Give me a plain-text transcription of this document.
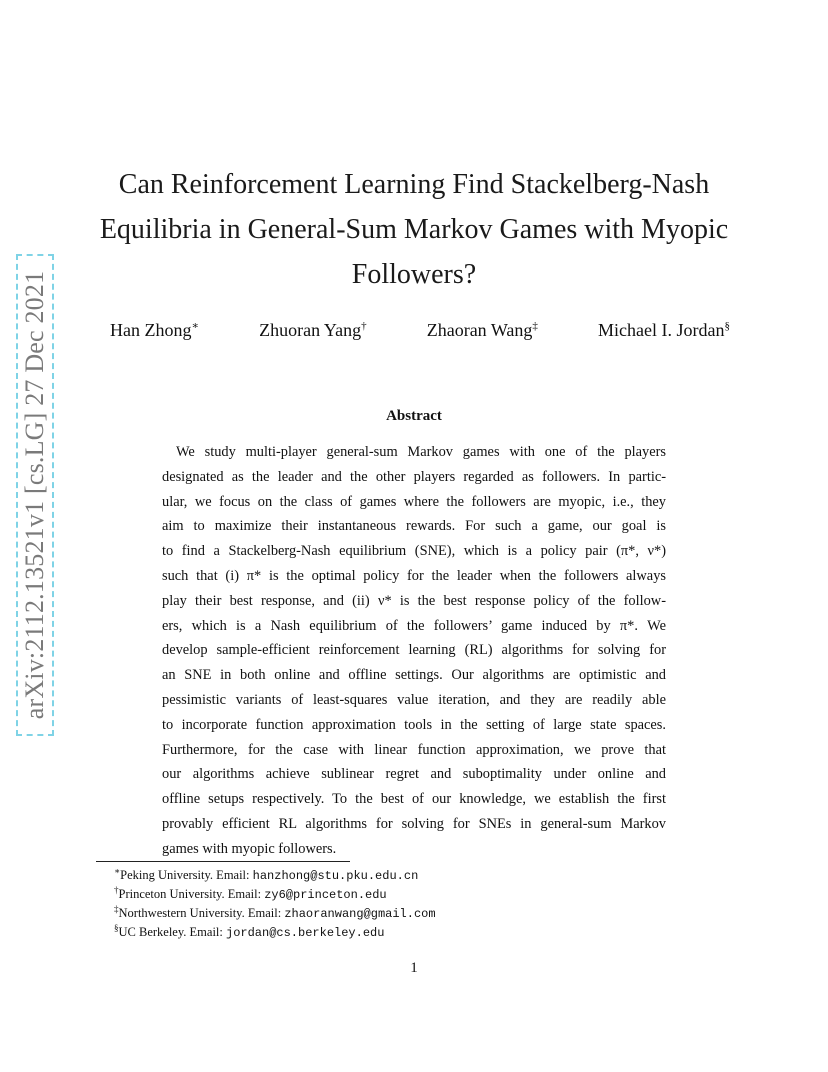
arXiv:2112.13521v1 [cs.LG] 27 Dec 2021
Can Reinforcement Learning Find Stackelberg-Nash
Equilibria in General-Sum Markov Games with Myopic
Followers?
Han Zhong∗	Zhuoran Yang†	Zhaoran Wang‡	Michael I. Jordan§
Abstract
We study multi-player general-sum Markov games with one of the players
designated as the leader and the other players regarded as followers. In partic-
ular, we focus on the class of games where the followers are myopic, i.e., they
aim to maximize their instantaneous rewards. For such a game, our goal is
to find a Stackelberg-Nash equilibrium (SNE), which is a policy pair (π*, ν*)
such that (i) π* is the optimal policy for the leader when the followers always
play their best response, and (ii) ν* is the best response policy of the follow-
ers, which is a Nash equilibrium of the followers’ game induced by π*. We
develop sample-efficient reinforcement learning (RL) algorithms for solving for
an SNE in both online and offline settings. Our algorithms are optimistic and
pessimistic variants of least-squares value iteration, and they are readily able
to incorporate function approximation tools in the setting of large state spaces.
Furthermore, for the case with linear function approximation, we prove that
our algorithms achieve sublinear regret and suboptimality under online and
offline setups respectively. To the best of our knowledge, we establish the first
provably efficient RL algorithms for solving for SNEs in general-sum Markov
games with myopic followers.
∗Peking University. Email: hanzhong@stu.pku.edu.cn
†Princeton University. Email: zy6@princeton.edu
‡Northwestern University. Email: zhaoranwang@gmail.com
§UC Berkeley. Email: jordan@cs.berkeley.edu
1
